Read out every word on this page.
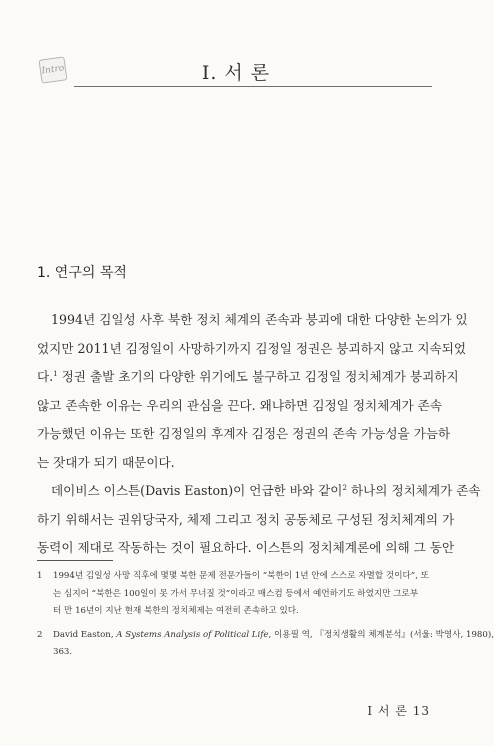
Intro	I. 서 론
1. 연구의 목적

1994년 김일성 사후 북한 정치 체계의 존속과 붕괴에 대한 다양한 논의가 있
었지만 2011년 김정일이 사망하기까지 김정일 정권은 붕괴하지 않고 지속되었
다.$^1$ 정권 출발 초기의 다양한 위기에도 불구하고 김정일 정치체계가 붕괴하지
않고 존속한 이유는 우리의 관심을 끈다. 왜냐하면 김정일 정치체계가 존속
가능했던 이유는 또한 김정일의 후계자 김정은 정권의 존속 가능성을 가늠하
는 잣대가 되기 때문이다.

데이비스 이스튼(Davis Easton)이 언급한 바와 같이$^2$ 하나의 정치체계가 존속
하기 위해서는 권위당국자, 체제 그리고 정치 공동체로 구성된 정치체계의 가
동력이 제대로 작동하는 것이 필요하다. 이스튼의 정치체계론에 의해 그 동안

1	1994년 김일성 사망 직후에 몇몇 북한 문제 전문가들이 “북한이 1년 안에 스스로 자멸할 것이다”, 또
는 심지어 “북한은 100일이 못 가서 무너질 것”이라고 매스컴 등에서 예언하기도 하였지만 그로부
터 만 16년이 지난 현재 북한의 정치체제는 여전히 존속하고 있다.
2	David Easton, A Systems Analysis of Political Life, 이용필 역, 『정치생활의 체계분석』(서울: 박영사, 1980),
363.
I 서 론 13
